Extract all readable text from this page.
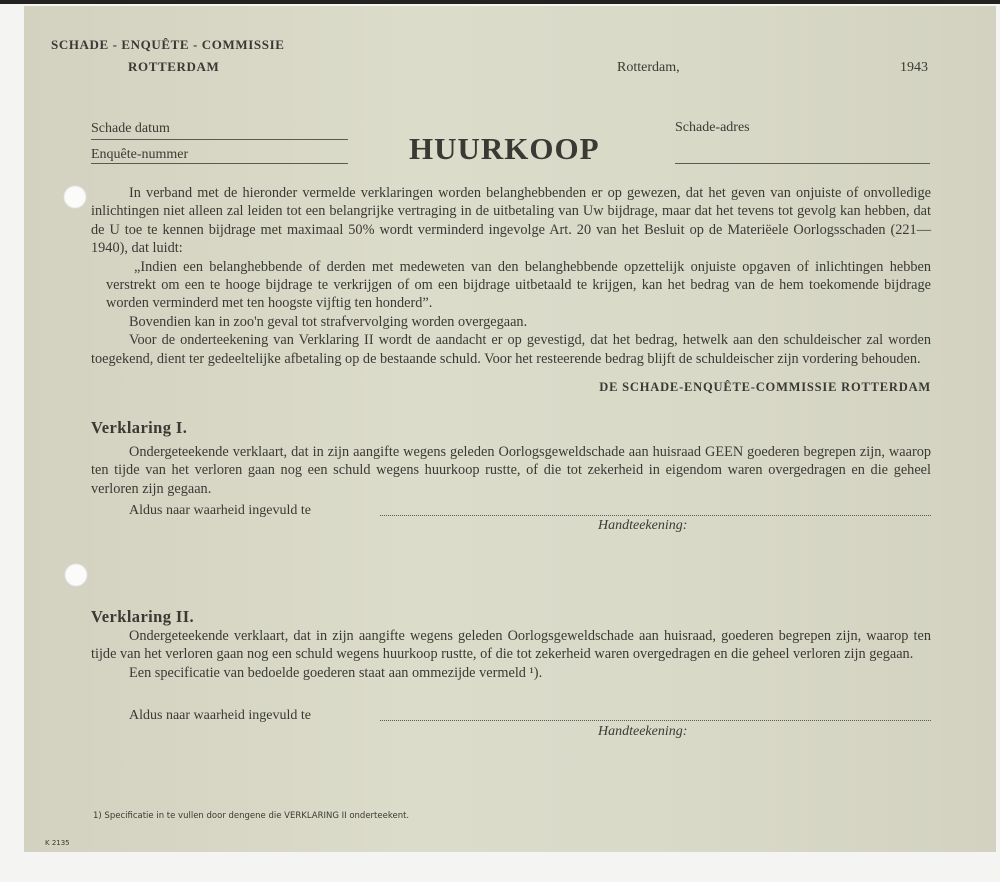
SCHADE - ENQUÊTE - COMMISSIE
ROTTERDAM	Rotterdam,	1943
Schade datum
Enquête-nummer	HUURKOOP
Schade-adres

In verband met de hieronder vermelde verklaringen worden belanghebbenden er op gewezen, dat het geven van onjuiste of onvolledige inlichtingen niet alleen zal leiden tot een belangrijke vertraging in de uitbetaling van Uw bijdrage, maar dat het tevens tot gevolg kan hebben, dat de U toe te kennen bijdrage met maximaal 50% wordt verminderd ingevolge Art. 20 van het Besluit op de Materiëele Oorlogsschaden (221—1940), dat luidt:

„Indien een belanghebbende of derden met medeweten van den belanghebbende opzettelijk onjuiste opgaven of inlichtingen hebben verstrekt om een te hooge bijdrage te verkrijgen of om een bijdrage uitbetaald te krijgen, kan het bedrag van de hem toekomende bijdrage worden verminderd met ten hoogste vijftig ten honderd”.

Bovendien kan in zoo'n geval tot strafvervolging worden overgegaan.

Voor de onderteekening van Verklaring II wordt de aandacht er op gevestigd, dat het bedrag, hetwelk aan den schuldeischer zal worden toegekend, dient ter gedeeltelijke afbetaling op de bestaande schuld. Voor het resteerende bedrag blijft de schuldeischer zijn vordering behouden.

DE SCHADE-ENQUÊTE-COMMISSIE ROTTERDAM
Verklaring I.

Ondergeteekende verklaart, dat in zijn aangifte wegens geleden Oorlogsgeweldschade aan huisraad GEEN goederen begrepen zijn, waarop ten tijde van het verloren gaan nog een schuld wegens huurkoop rustte, of die tot zekerheid in eigendom waren overgedragen en die geheel verloren zijn gegaan.

Aldus naar waarheid ingevuld te
Handteekening:
Verklaring II.

Ondergeteekende verklaart, dat in zijn aangifte wegens geleden Oorlogsgeweldschade aan huisraad, goederen begrepen zijn, waarop ten tijde van het verloren gaan nog een schuld wegens huurkoop rustte, of die tot zekerheid waren overgedragen en die geheel verloren zijn gegaan.

Een specificatie van bedoelde goederen staat aan ommezijde vermeld ¹).

Aldus naar waarheid ingevuld te
Handteekening:
1) Specificatie in te vullen door dengene die VERKLARING II onderteekent.
K 2135
